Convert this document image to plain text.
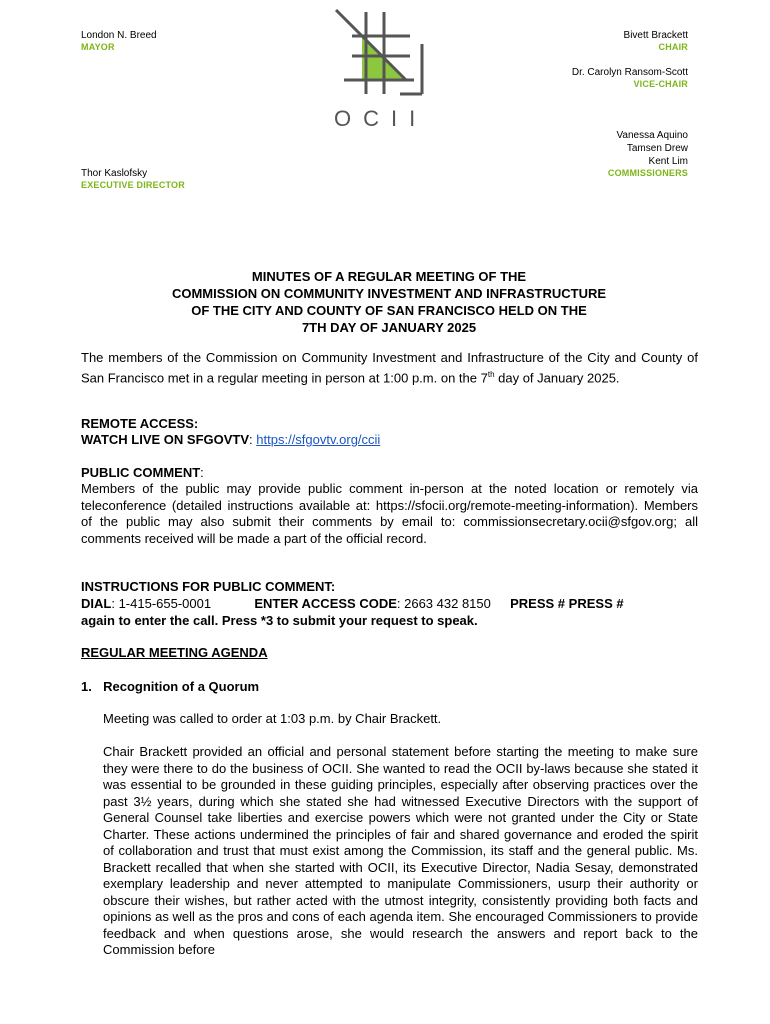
London N. Breed
MAYOR
Thor Kaslofsky
EXECUTIVE DIRECTOR
OCII
Bivett Brackett
CHAIR
Dr. Carolyn Ransom-Scott
VICE-CHAIR
Vanessa Aquino
Tamsen Drew
Kent Lim
COMMISSIONERS
MINUTES OF A REGULAR MEETING OF THE
COMMISSION ON COMMUNITY INVESTMENT AND INFRASTRUCTURE
OF THE CITY AND COUNTY OF SAN FRANCISCO HELD ON THE
7TH DAY OF JANUARY 2025
The members of the Commission on Community Investment and Infrastructure of the City and County of San Francisco met in a regular meeting in person at 1:00 p.m. on the 7th day of January 2025.
REMOTE ACCESS:
WATCH LIVE ON SFGOVTV: https://sfgovtv.org/ccii
PUBLIC COMMENT:
Members of the public may provide public comment in-person at the noted location or remotely via teleconference (detailed instructions available at: https://sfocii.org/remote-meeting-information). Members of the public may also submit their comments by email to: commissionsecretary.ocii@sfgov.org; all comments received will be made a part of the official record.
INSTRUCTIONS FOR PUBLIC COMMENT:
DIAL: 1-415-655-0001	ENTER ACCESS CODE: 2663 432 8150 PRESS # PRESS #
again to enter the call. Press *3 to submit your request to speak.
REGULAR MEETING AGENDA
1. Recognition of a Quorum
Meeting was called to order at 1:03 p.m. by Chair Brackett.
Chair Brackett provided an official and personal statement before starting the meeting to make sure they were there to do the business of OCII. She wanted to read the OCII by-laws because she stated it was essential to be grounded in these guiding principles, especially after observing practices over the past 3½ years, during which she stated she had witnessed Executive Directors with the support of General Counsel take liberties and exercise powers which were not granted under the City or State Charter. These actions undermined the principles of fair and shared governance and eroded the spirit of collaboration and trust that must exist among the Commission, its staff and the general public. Ms. Brackett recalled that when she started with OCII, its Executive Director, Nadia Sesay, demonstrated exemplary leadership and never attempted to manipulate Commissioners, usurp their authority or obscure their wishes, but rather acted with the utmost integrity, consistently providing both facts and opinions as well as the pros and cons of each agenda item. She encouraged Commissioners to provide feedback and when questions arose, she would research the answers and report back to the Commission before
